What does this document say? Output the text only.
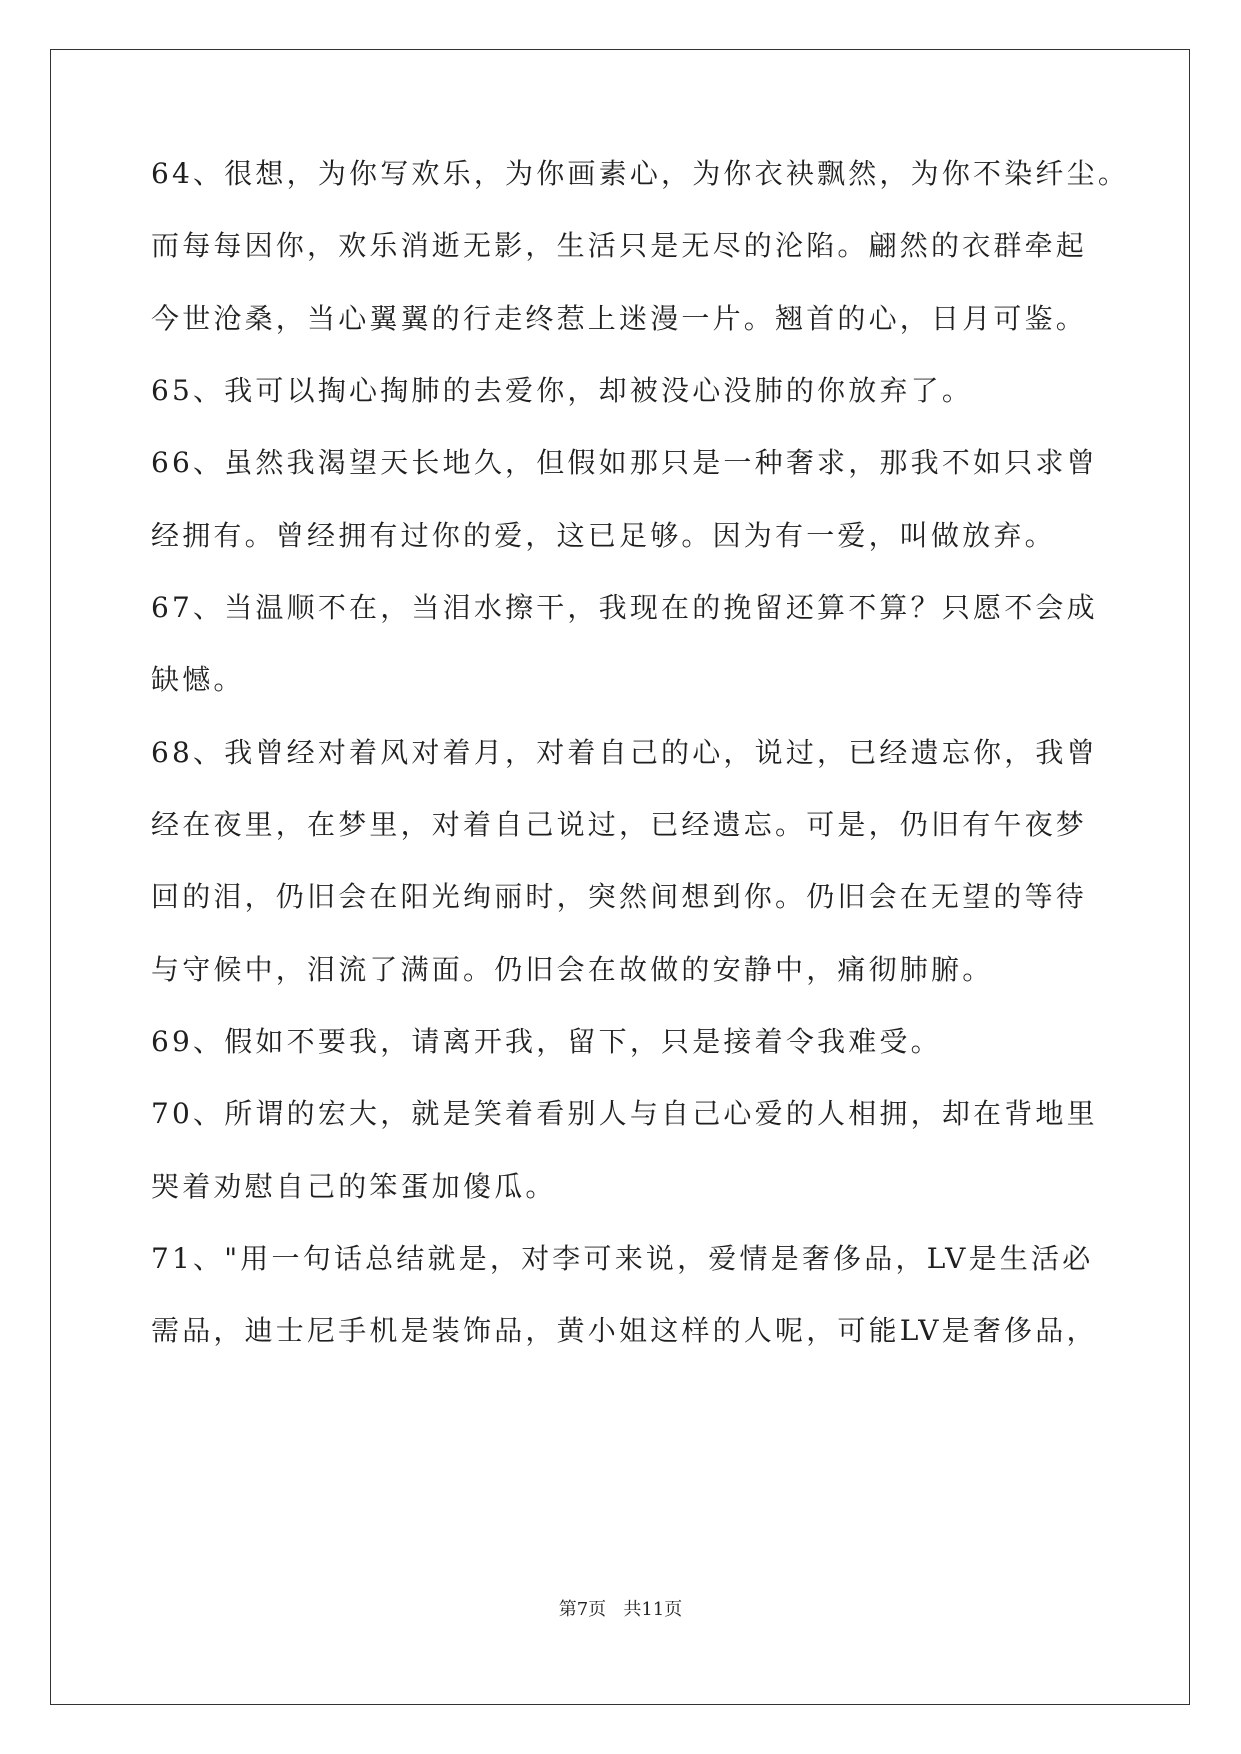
64、很想，为你写欢乐，为你画素心，为你衣袂飘然，为你不染纤尘。
而每每因你，欢乐消逝无影，生活只是无尽的沦陷。翩然的衣群牵起
今世沧桑，当心翼翼的行走终惹上迷漫一片。翘首的心，日月可鉴。
65、我可以掏心掏肺的去爱你，却被没心没肺的你放弃了。
66、虽然我渴望天长地久，但假如那只是一种奢求，那我不如只求曾
经拥有。曾经拥有过你的爱，这已足够。因为有一爱，叫做放弃。
67、当温顺不在，当泪水擦干，我现在的挽留还算不算？只愿不会成
缺憾。
68、我曾经对着风对着月，对着自己的心，说过，已经遗忘你，我曾
经在夜里，在梦里，对着自己说过，已经遗忘。可是，仍旧有午夜梦
回的泪，仍旧会在阳光绚丽时，突然间想到你。仍旧会在无望的等待
与守候中，泪流了满面。仍旧会在故做的安静中，痛彻肺腑。
69、假如不要我，请离开我，留下，只是接着令我难受。
70、所谓的宏大，就是笑着看别人与自己心爱的人相拥，却在背地里
哭着劝慰自己的笨蛋加傻瓜。
71、"用一句话总结就是，对李可来说，爱情是奢侈品，LV是生活必
需品，迪士尼手机是装饰品，黄小姐这样的人呢，可能LV是奢侈品，
第7页   共11页
